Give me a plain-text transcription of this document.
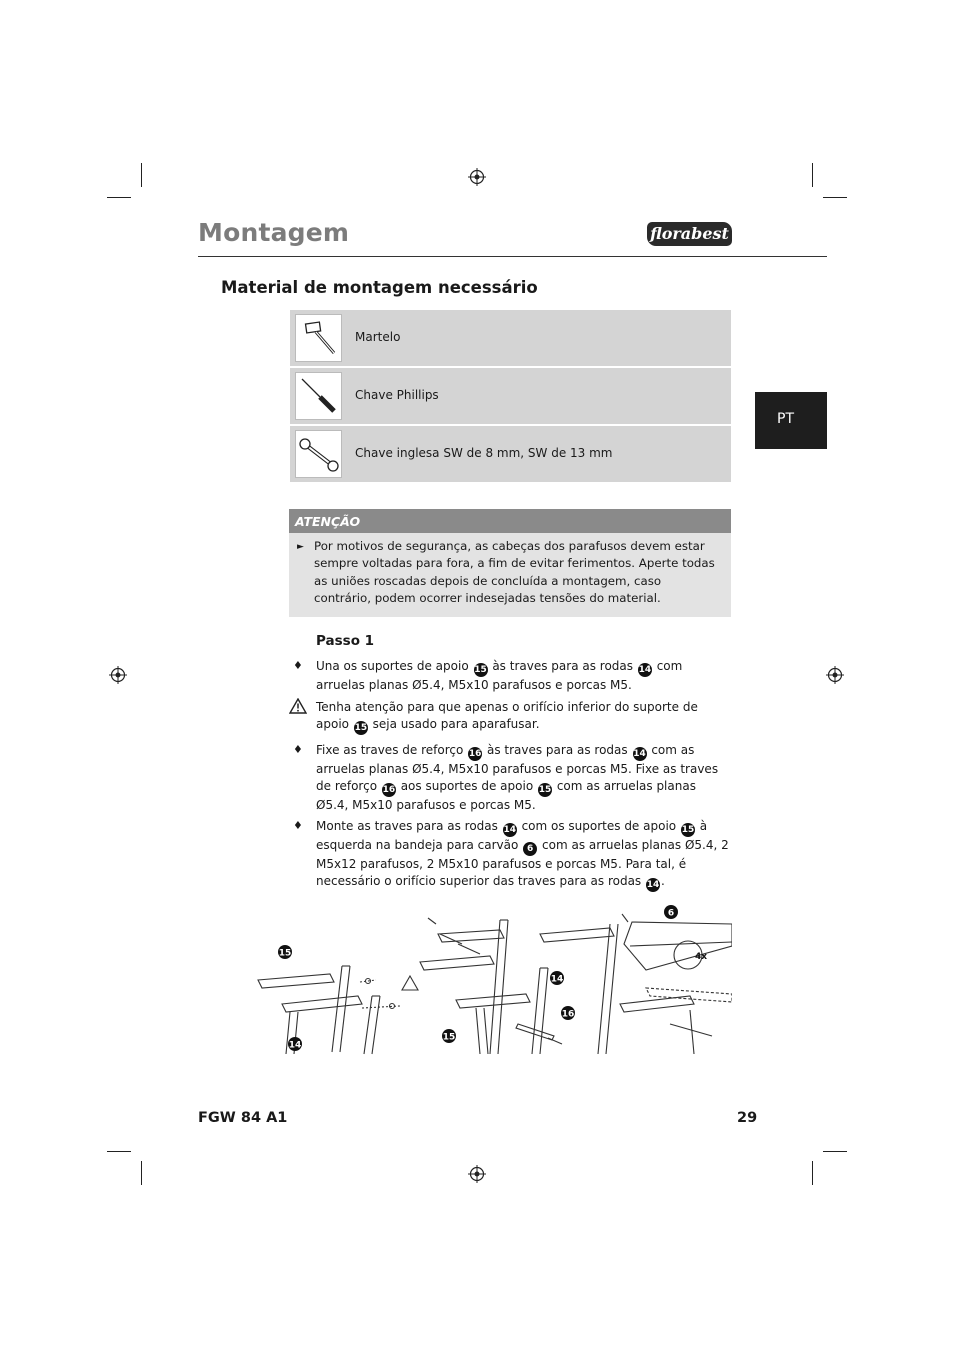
Montagem	florabest
PT
Material de montagem necessário
Martelo
Chave Phillips
Chave inglesa SW de 8 mm, SW de 13 mm
ATENÇÃO
► Por motivos de segurança, as cabeças dos parafusos devem estar sempre voltadas para fora, a fim de evitar ferimentos. Aperte todas as uniões roscadas depois de concluída a montagem, caso contrário, podem ocorrer indesejadas tensões do material.
Passo 1
♦ Una os suportes de apoio 15 às traves para as rodas 14 com arruelas planas Ø5.4, M5x10 parafusos e porcas M5.
Tenha atenção para que apenas o orifício inferior do suporte de apoio 15 seja usado para aparafusar.
♦ Fixe as traves de reforço 16 às traves para as rodas 14 com as arruelas planas Ø5.4, M5x10 parafusos e porcas M5. Fixe as traves de reforço 16 aos suportes de apoio 15 com as arruelas planas Ø5.4, M5x10 parafusos e porcas M5.
♦ Monte as traves para as rodas 14 com os suportes de apoio 15 à esquerda na bandeja para carvão 6 com as arruelas planas Ø5.4, 2 M5x12 parafusos, 2 M5x10 parafusos e porcas M5. Para tal, é necessário o orifício superior das traves para as rodas 14 .
15
14
14
16
15
6
4x
FGW 84 A1	29
